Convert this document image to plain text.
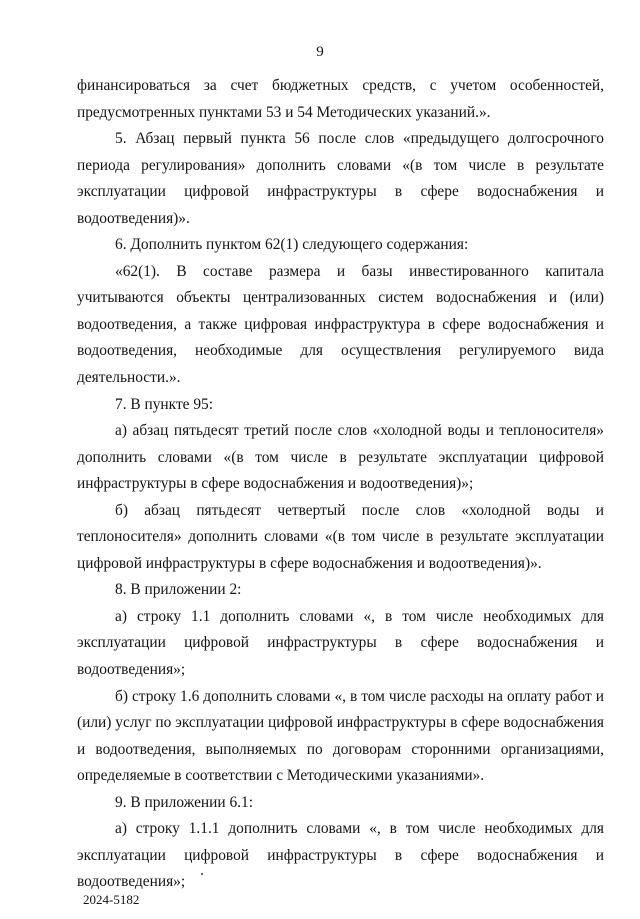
9

финансироваться за счет бюджетных средств, с учетом особенностей, предусмотренных пунктами 53 и 54 Методических указаний.».

5. Абзац первый пункта 56 после слов «предыдущего долгосрочного периода регулирования» дополнить словами «(в том числе в результате эксплуатации цифровой инфраструктуры в сфере водоснабжения и водоотведения)».

6. Дополнить пунктом 62(1) следующего содержания:

«62(1). В составе размера и базы инвестированного капитала учитываются объекты централизованных систем водоснабжения и (или) водоотведения, а также цифровая инфраструктура в сфере водоснабжения и водоотведения, необходимые для осуществления регулируемого вида деятельности.».

7. В пункте 95:

а) абзац пятьдесят третий после слов «холодной воды и теплоносителя» дополнить словами «(в том числе в результате эксплуатации цифровой инфраструктуры в сфере водоснабжения и водоотведения)»;

б) абзац пятьдесят четвертый после слов «холодной воды и теплоносителя» дополнить словами «(в том числе в результате эксплуатации цифровой инфраструктуры в сфере водоснабжения и водоотведения)».

8. В приложении 2:

а) строку 1.1 дополнить словами «, в том числе необходимых для эксплуатации цифровой инфраструктуры в сфере водоснабжения и водоотведения»;

б) строку 1.6 дополнить словами «, в том числе расходы на оплату работ и (или) услуг по эксплуатации цифровой инфраструктуры в сфере водоснабжения и водоотведения, выполняемых по договорам сторонними организациями, определяемые в соответствии с Методическими указаниями».

9. В приложении 6.1:

а) строку 1.1.1 дополнить словами «, в том числе необходимых для эксплуатации цифровой инфраструктуры в сфере водоснабжения и водоотведения»;

2024-5182
